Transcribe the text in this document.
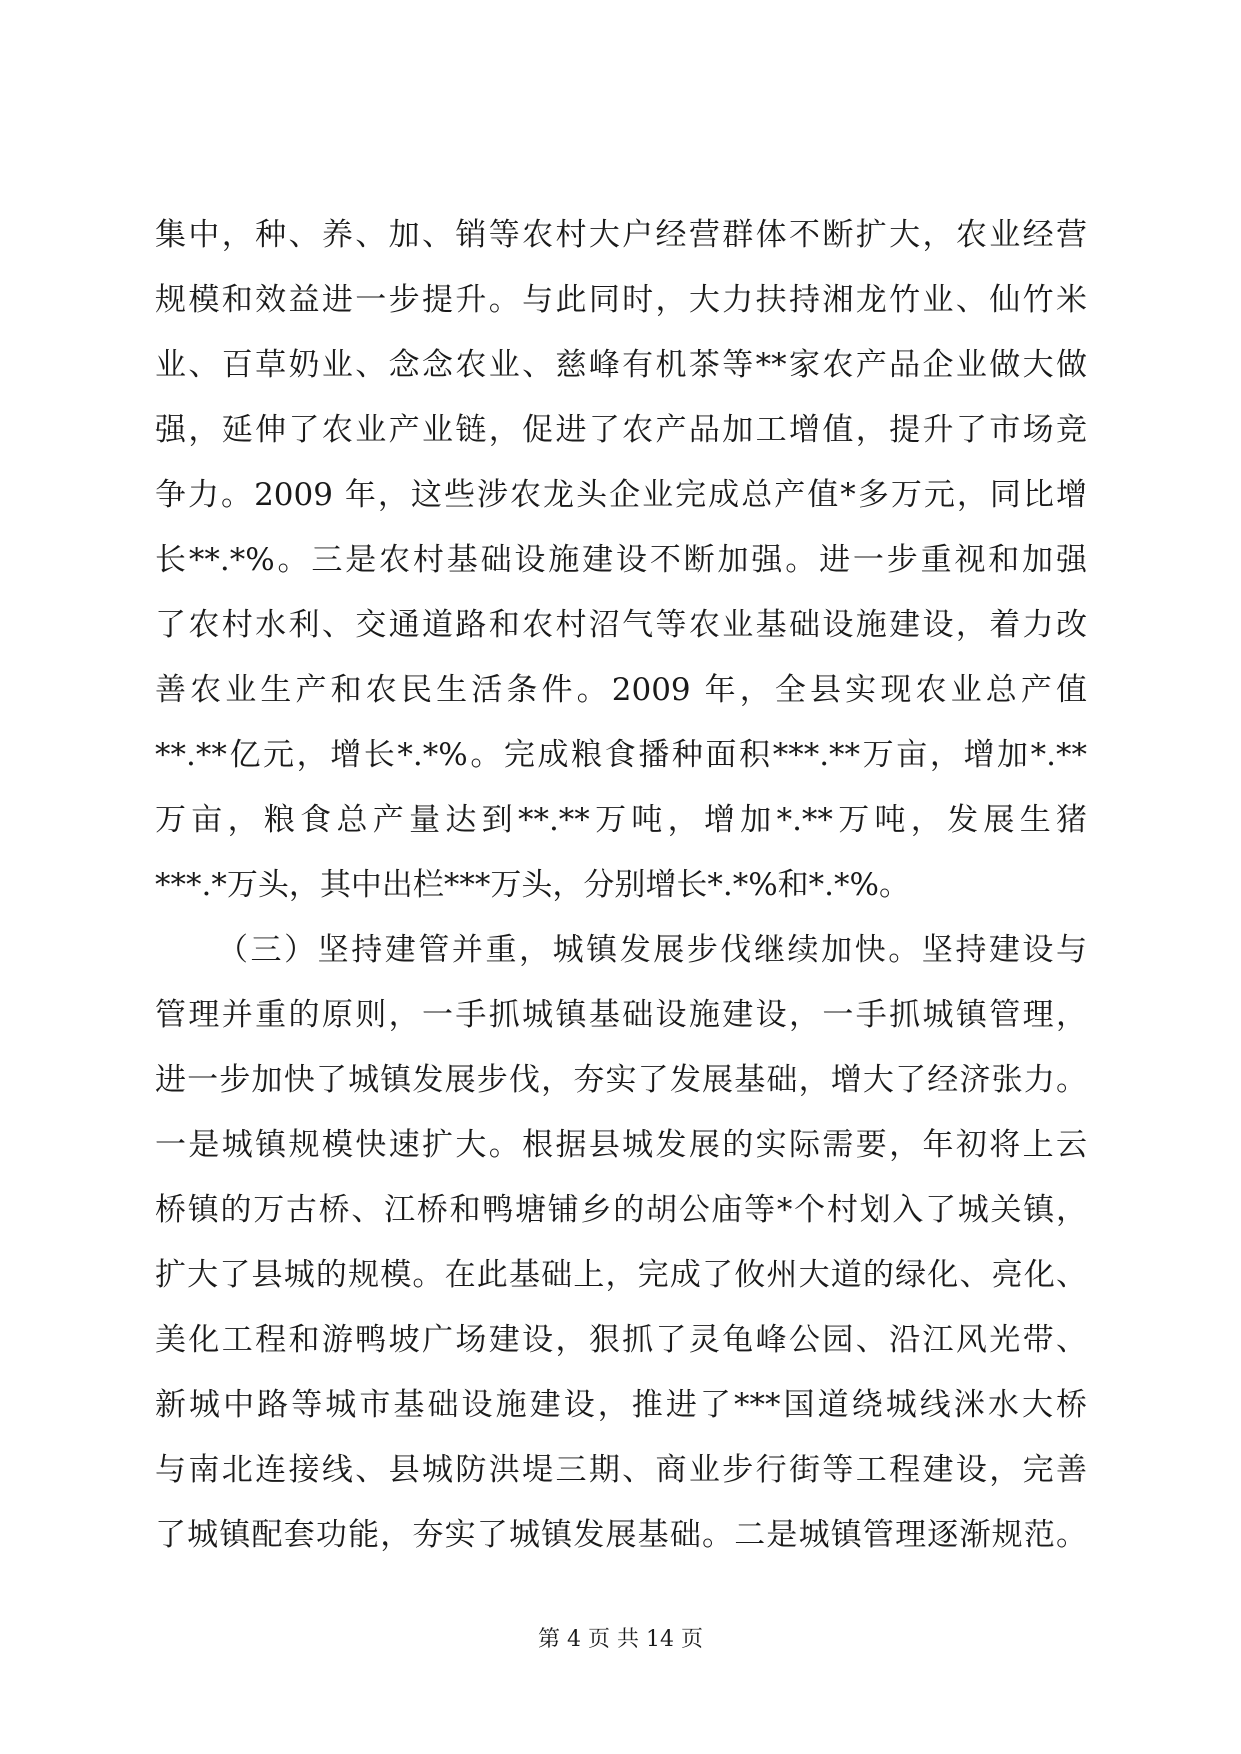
集中，种、养、加、销等农村大户经营群体不断扩大，农业经营
规模和效益进一步提升。与此同时，大力扶持湘龙竹业、仙竹米
业、百草奶业、念念农业、慈峰有机茶等**家农产品企业做大做
强，延伸了农业产业链，促进了农产品加工增值，提升了市场竞
争力。2009 年，这些涉农龙头企业完成总产值*多万元，同比增
长**.*%。三是农村基础设施建设不断加强。进一步重视和加强
了农村水利、交通道路和农村沼气等农业基础设施建设，着力改
善农业生产和农民生活条件。2009 年，全县实现农业总产值
**.**亿元，增长*.*%。完成粮食播种面积***.**万亩，增加*.**
万亩，粮食总产量达到**.**万吨，增加*.**万吨，发展生猪
***.*万头，其中出栏***万头，分别增长*.*%和*.*%。
（三）坚持建管并重，城镇发展步伐继续加快。坚持建设与
管理并重的原则，一手抓城镇基础设施建设，一手抓城镇管理，
进一步加快了城镇发展步伐，夯实了发展基础，增大了经济张力。
一是城镇规模快速扩大。根据县城发展的实际需要，年初将上云
桥镇的万古桥、江桥和鸭塘铺乡的胡公庙等*个村划入了城关镇，
扩大了县城的规模。在此基础上，完成了攸州大道的绿化、亮化、
美化工程和游鸭坡广场建设，狠抓了灵龟峰公园、沿江风光带、
新城中路等城市基础设施建设，推进了***国道绕城线洣水大桥
与南北连接线、县城防洪堤三期、商业步行街等工程建设，完善
了城镇配套功能，夯实了城镇发展基础。二是城镇管理逐渐规范。
第 4 页 共 14 页
